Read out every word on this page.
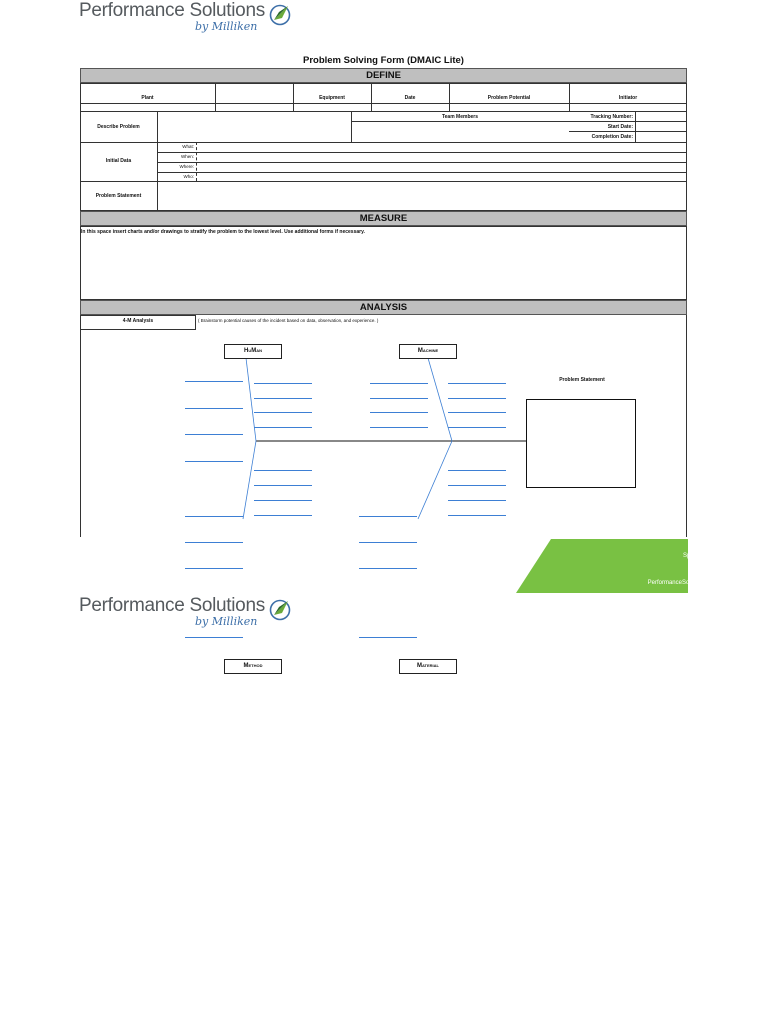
Performance Solutions
by Milliken
Problem Solving Form (DMAIC Lite)
DEFINE
Plant	Equipment	Date	Problem Potential	Initiator
Describe Problem
Team Members	Tracking Number:
Start Date:
Completion Date:
Initial Data
What:
When:
Where:
Who:
Problem Statement
MEASURE
In this space insert charts and/or drawings to stratify the problem to the lowest level. Use additional forms if necessary.
ANALYSIS
4-M Analysis	( Brainstorm potential causes of the incident based on data, observation, and experience. )
HuMan	Machine
Problem Statement
920 Milliken Rd
Spartanburg, SC 29303
(855) 462-5639
PerformanceSolutionsbyMilliken.com
●
☏
◉
Performance Solutions
by Milliken
Method	Material
